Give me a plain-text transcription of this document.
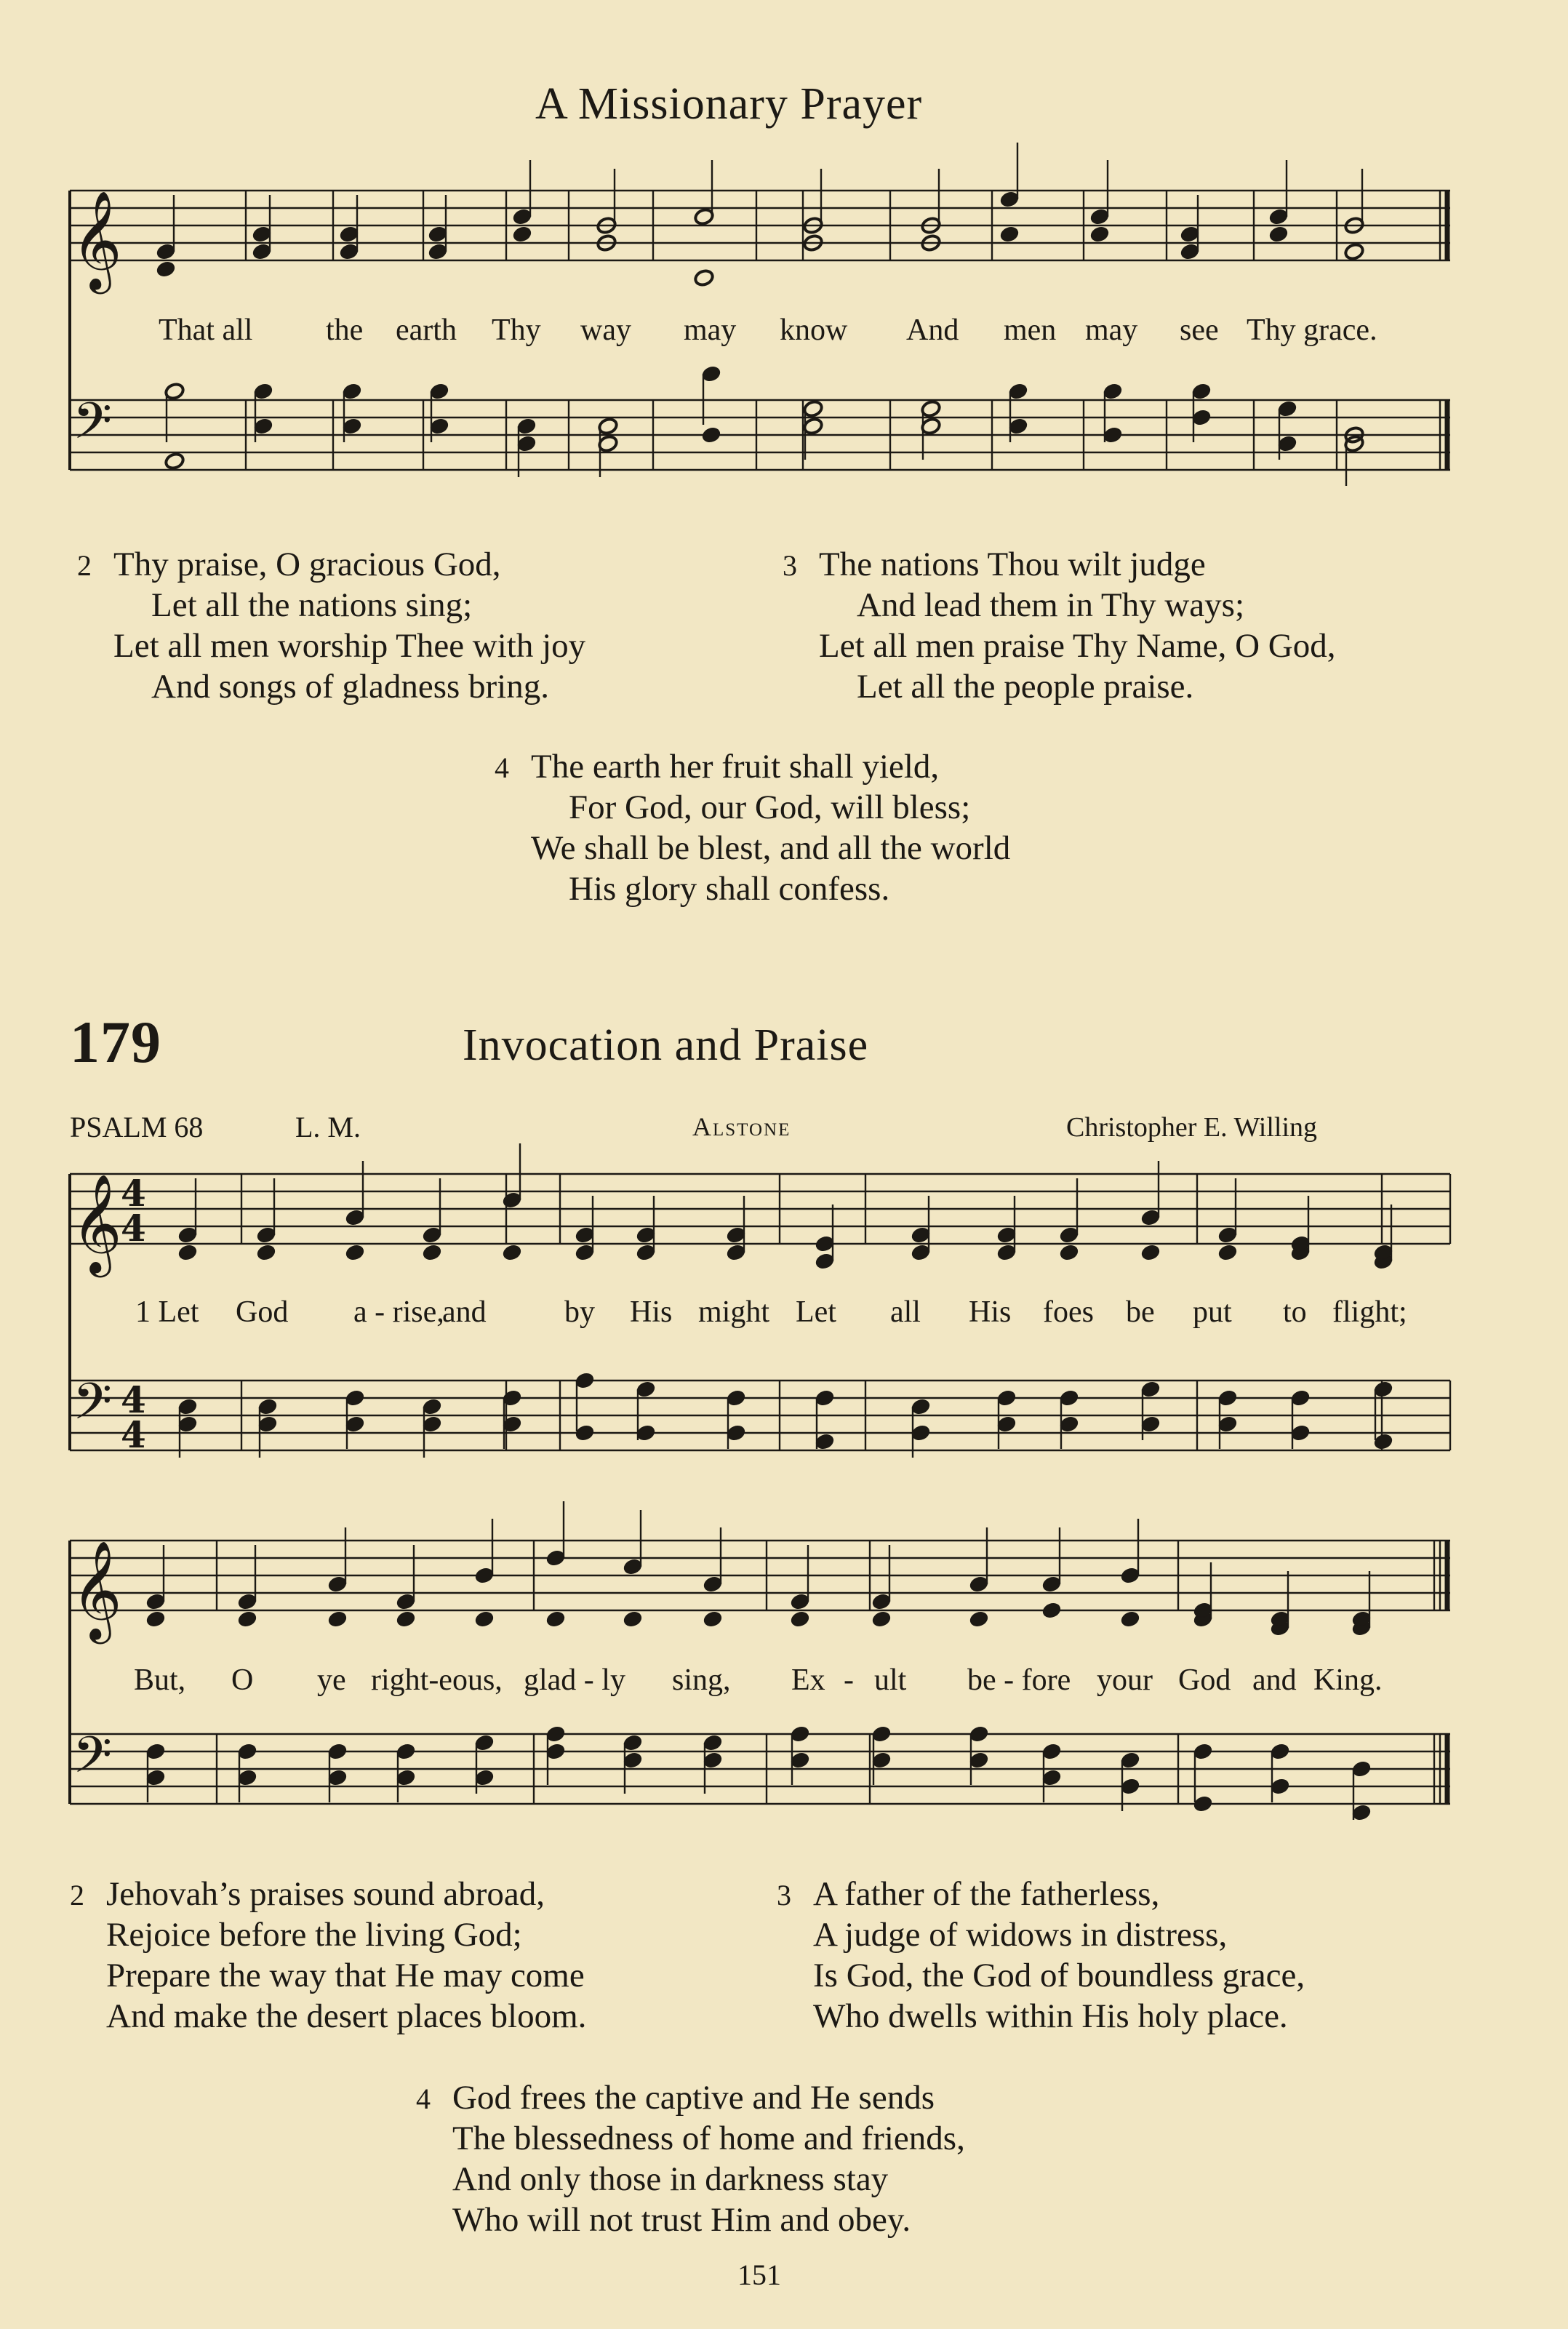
A Missionary Prayer
𝄞
𝄢
That all the earth Thy way may know And men may see Thy grace.
2 Thy praise, O gracious God,
Let all the nations sing;
Let all men worship Thee with joy
And songs of gladness bring.
3 The nations Thou wilt judge
And lead them in Thy ways;
Let all men praise Thy Name, O God,
Let all the people praise.
4 The earth her fruit shall yield,
For God, our God, will bless;
We shall be blest, and all the world
His glory shall confess.
179	Invocation and Praise
PSALM 68	L. M.	Alstone	Christopher E. Willing
𝄞
𝄢
4
4
4
4
𝄞
𝄢
1 Let God a - rise,
and	by His might Let all His foes be put to flight;
But, O ye right-eous, glad - ly sing, Ex - ult be - fore your God and King.
2 Jehovah’s praises sound abroad,
Rejoice before the living God;
Prepare the way that He may come
And make the desert places bloom.
3 A father of the fatherless,
A judge of widows in distress,
Is God, the God of boundless grace,
Who dwells within His holy place.
4 God frees the captive and He sends
The blessedness of home and friends,
And only those in darkness stay
Who will not trust Him and obey.
151
